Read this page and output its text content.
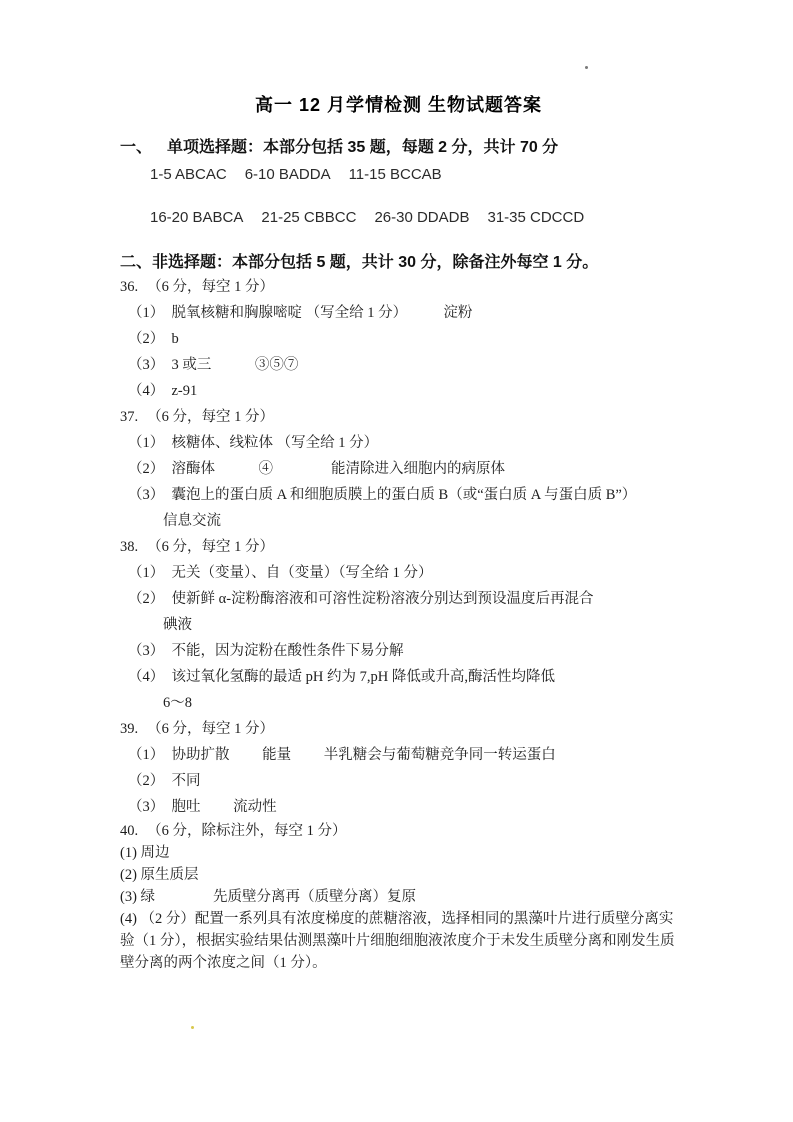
高一 12 月学情检测 生物试题答案
一、 单项选择题：本部分包括 35 题，每题 2 分，共计 70 分
1-5 ABCAC 6-10 BADDA 11-15 BCCAB
16-20 BABCA 21-25 CBBCC 26-30 DDADB 31-35 CDCCD
二、非选择题：本部分包括 5 题，共计 30 分，除备注外每空 1 分。
36. （6 分，每空 1 分）
（1）  脱氧核糖和胸腺嘧啶 （写全给 1 分）　　　淀粉
（2）  b
（3）  3 或三　　　③⑤⑦
（4）  z-91
37. （6 分，每空 1 分）
（1）  核糖体、线粒体 （写全给 1 分）
（2）  溶酶体　　　④　　　　能清除进入细胞内的病原体
（3）  囊泡上的蛋白质 A 和细胞质膜上的蛋白质 B（或“蛋白质 A 与蛋白质 B”）
信息交流
38. （6 分，每空 1 分）
（1）  无关（变量）、自（变量）（写全给 1 分）
（2）  使新鲜 α-淀粉酶溶液和可溶性淀粉溶液分别达到预设温度后再混合
碘液
（3）  不能，因为淀粉在酸性条件下易分解
（4）  该过氧化氢酶的最适 pH 约为 7,pH 降低或升高,酶活性均降低
6～8
39. （6 分，每空 1 分）
（1）  协助扩散　　 能量　　 半乳糖会与葡萄糖竞争同一转运蛋白
（2）  不同
（3）  胞吐　　 流动性
40. （6 分，除标注外，每空 1 分）
(1) 周边
(2) 原生质层
(3) 绿　　　　先质壁分离再（质壁分离）复原
(4) （2 分）配置一系列具有浓度梯度的蔗糖溶液，选择相同的黑藻叶片进行质壁分离实验（1 分），根据实验结果估测黑藻叶片细胞细胞液浓度介于未发生质壁分离和刚发生质壁分离的两个浓度之间（1 分）。
